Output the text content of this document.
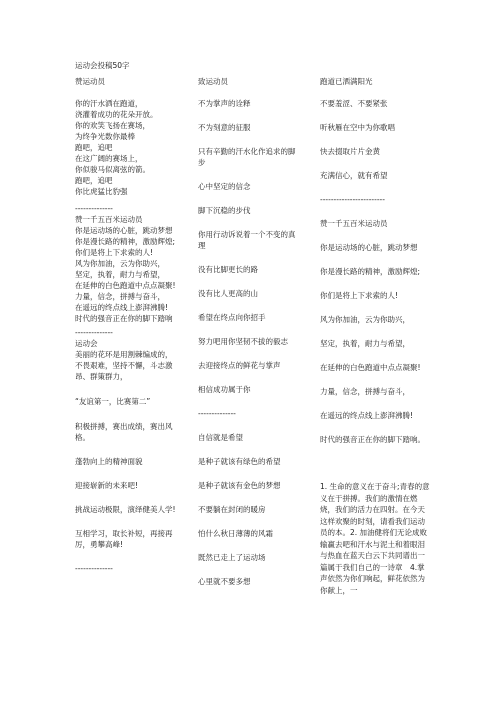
运动会投稿50字
赞运动员
你的汗水洒在跑道，
浇灌着成功的花朵开放。
你的欢笑飞扬在赛场，
为终争光数你最棒
跑吧，追吧
在这广阔的赛场上，
你似骏马似离弦的箭。
跑吧，追吧
你比虎猛比豹强
--------------
赞一千五百米运动员
你是运动场的心脏，跳动梦想
你是漫长路的精神，激励辉煌;
你们是将上下求索的人!
风为你加油，云为你助兴，
坚定，执着，耐力与希望，
在延伸的白色跑道中点点凝聚!
力量，信念，拼搏与奋斗，
在遥远的终点线上澎湃沸腾!
时代的强音正在你的脚下踏响
--------------
运动会
美丽的花环是用割棘编成的，
不畏艰难，坚持不懈，斗志激
昂、群策群力，
“友谊第一，比赛第二”
积极拼搏，赛出成绩，赛出风
格。
蓬勃向上的精神面貌
迎接崭新的未来吧!
挑战运动极限，演绎健美人学!
互相学习，取长补短，再接再
厉，勇攀高峰!
--------------
致运动员
不为掌声的诠释
不为刻意的征服
只有辛勤的汗水化作追求的脚
步
心中坚定的信念
脚下沉稳的步伐
你用行动诉说着一个不变的真
理
没有比脚更长的路
没有比人更高的山
希望在终点向你招手
努力吧用你坚韧不拔的毅志
去迎接终点的鲜花与掌声
相信成功属于你
--------------
自信就是希望
是种子就该有绿色的希望
是种子就该有金色的梦想
不要躺在封闭的暖房
怕什么秋日薄薄的风霜
既然已走上了运动场
心里就不要多想
跑道已洒满阳光
不要羞涩、不要紧张
听秋雁在空中为你歌唱
快去掇取片片金黄
充满信心，就有希望
------------------------
赞一千五百米运动员
你是运动场的心脏，跳动梦想
你是漫长路的精神，激励辉煌;
你们是将上下求索的人!
风为你加油，云为你助兴，
坚定，执着，耐力与希望，
在延伸的白色跑道中点点凝聚!
力量，信念，拼搏与奋斗，
在遥远的终点线上澎湃沸腾!
时代的强音正在你的脚下踏响。
1. 生命的意义在于奋斗;青春的意义在于拼搏。我们的激情在燃烧，我们的活力在四射。在今天这样欢聚的时刻，请看我们运动员的本。2. 加油健将们无论成败输赢去吧和汗水与泥土和着眼泪与热血在蓝天白云下共同谱出一篇属于我们自己的一诗章　4.掌声依然为你们响起，鲜花依然为你献上，一
